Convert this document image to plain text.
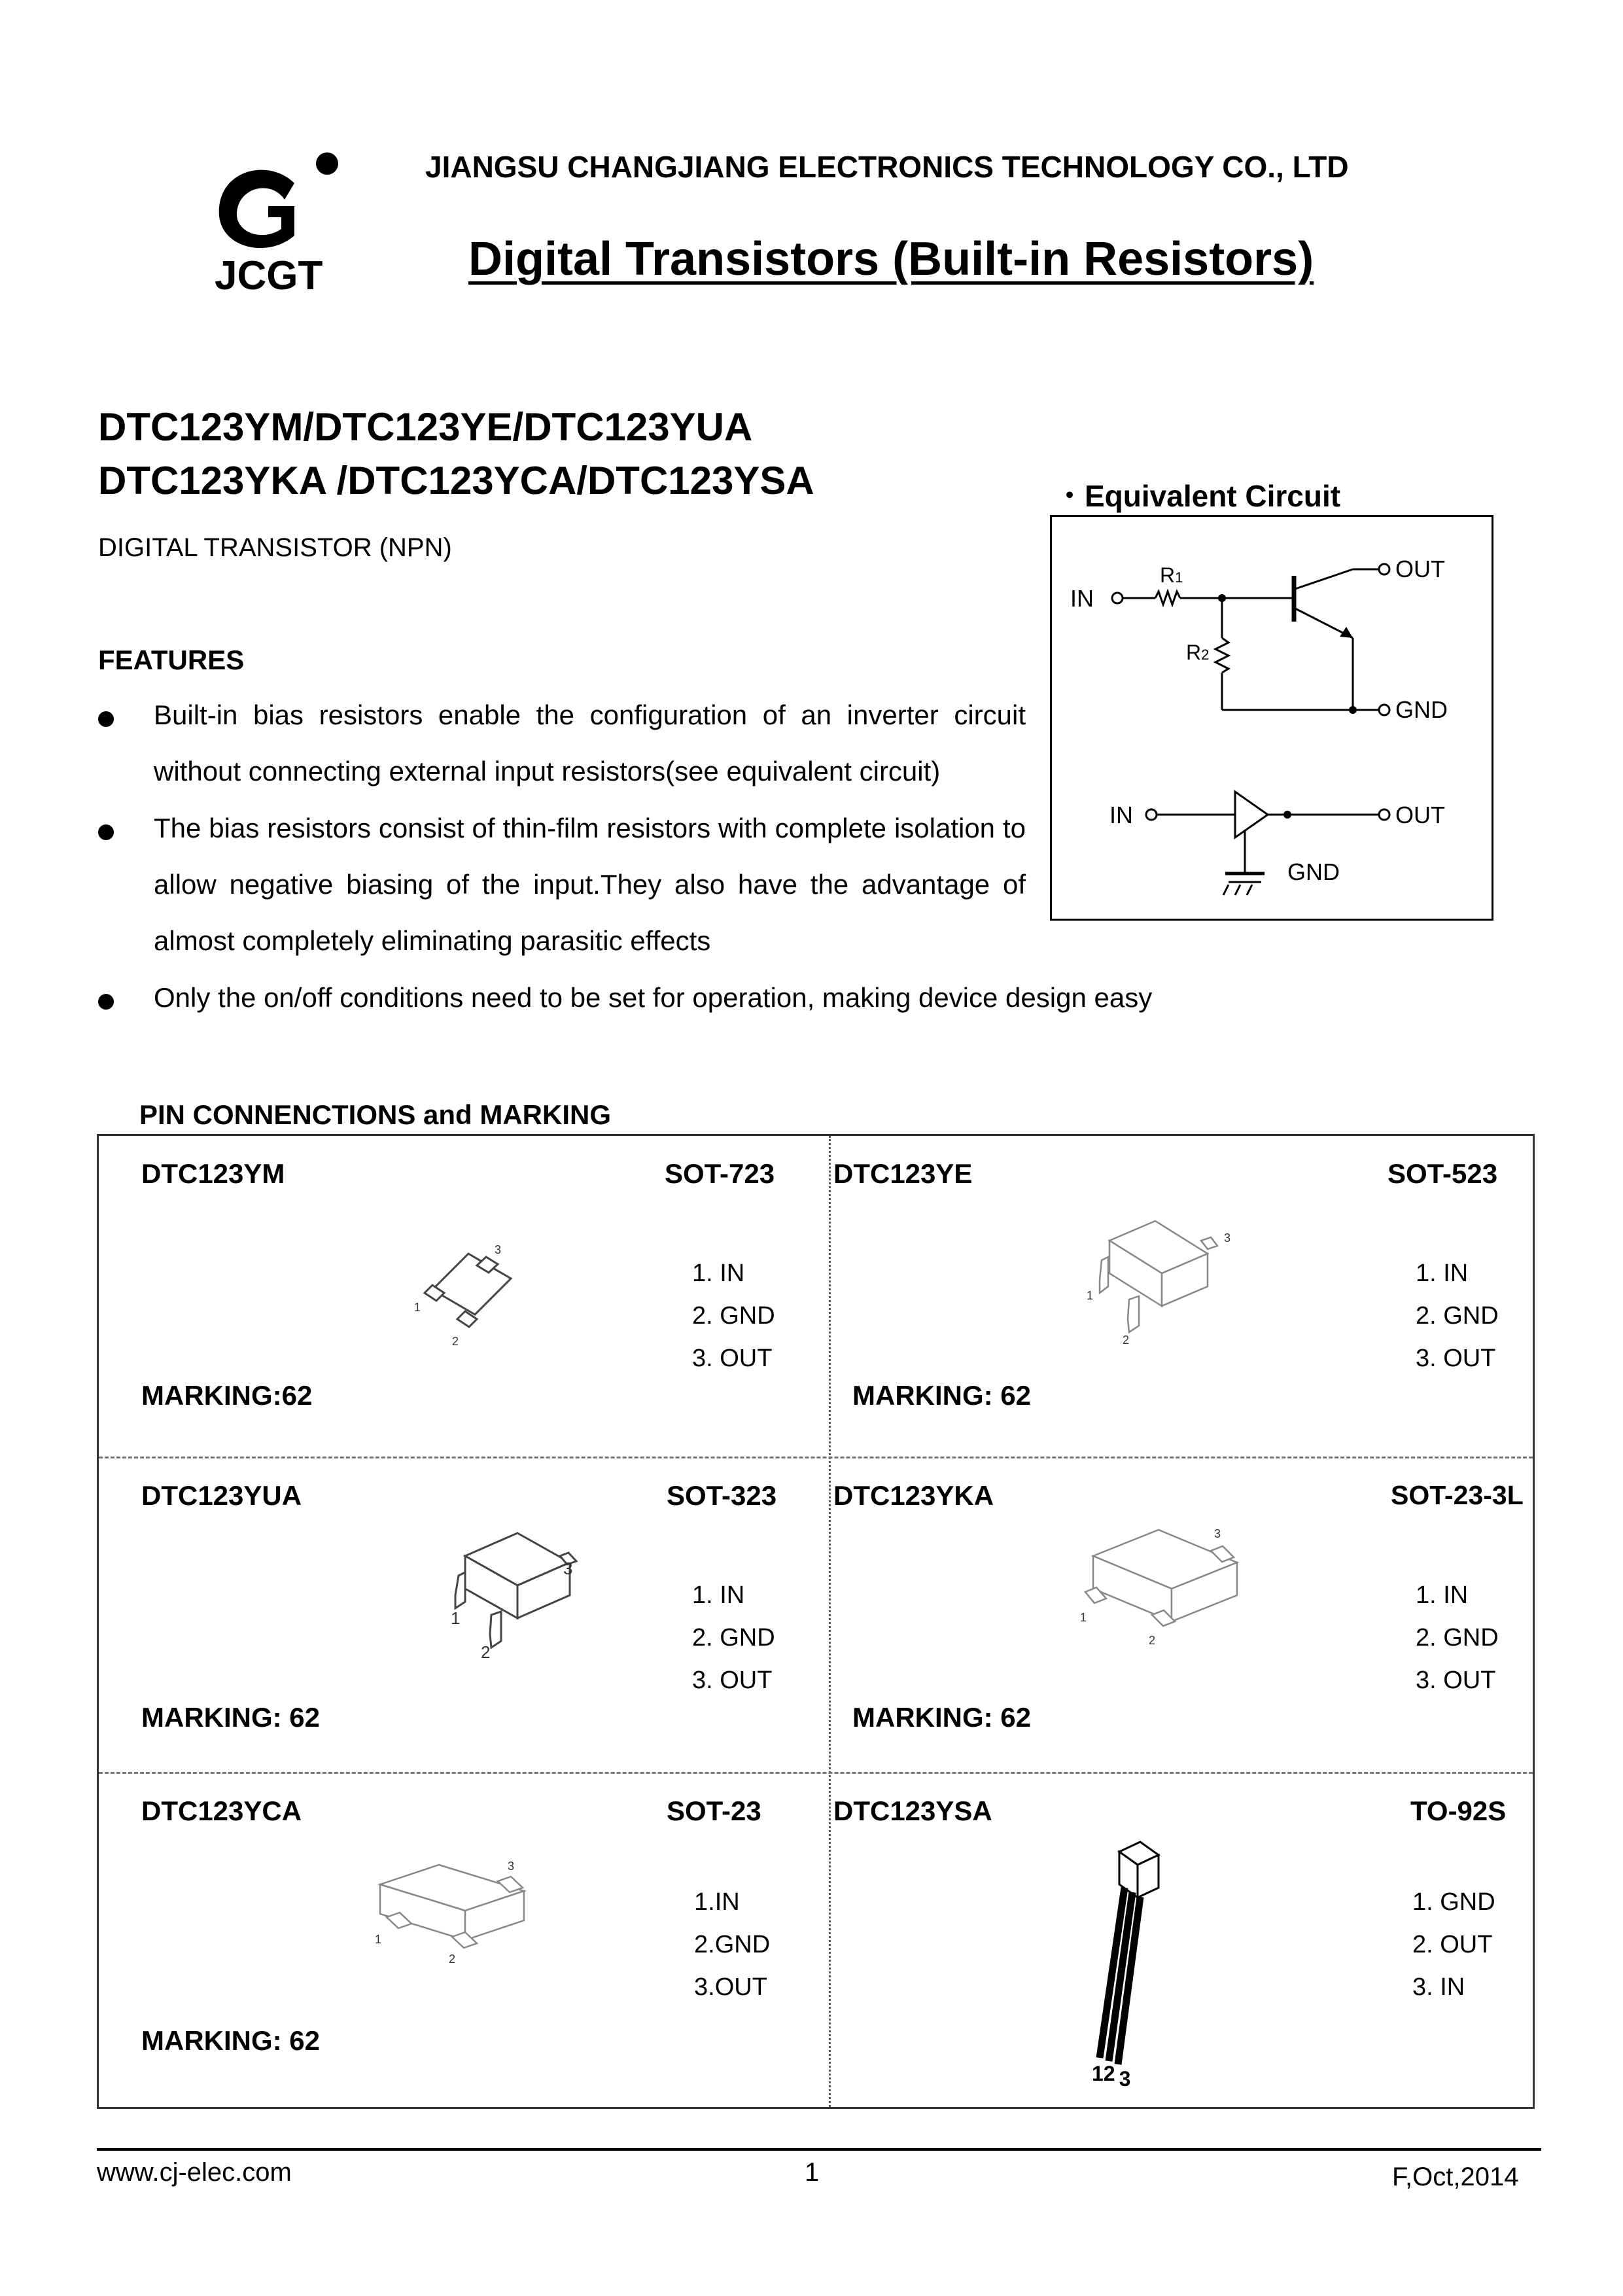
JCGT
JIANGSU CHANGJIANG ELECTRONICS TECHNOLOGY CO., LTD
Digital Transistors (Built-in Resistors)
DTC123YM/DTC123YE/DTC123YUA
DTC123YKA /DTC123YCA/DTC123YSA
DIGITAL TRANSISTOR (NPN)
・Equivalent Circuit
IN
OUT
GND
R1
R2
IN	OUT
GND
FEATURES
Built-in bias resistors enable the configuration of an inverter circuit without connecting external input resistors(see equivalent circuit)
The bias resistors consist of thin-film resistors with complete isolation to allow negative biasing of the input.They also have the advantage of almost completely eliminating parasitic effects
Only the on/off conditions need to be set for operation, making device design easy
PIN CONNENCTIONS and MARKING
DTC123YM	SOT-723
3
1
2
1. IN
2. GND
3. OUT
MARKING:62
DTC123YE	SOT-523
3
1
2
1. IN
2. GND
3. OUT
MARKING: 62
DTC123YUA	SOT-323
3
1
2
1. IN
2. GND
3. OUT
MARKING: 62
DTC123YKA	SOT-23-3L
3
1
2
1. IN
2. GND
3. OUT
MARKING: 62
DTC123YCA	SOT-23
3
1
2
1.IN
2.GND
3.OUT
MARKING: 62
DTC123YSA	TO-92S
12 3
1. GND
2. OUT
3. IN
www.cj-elec.com	1	F,Oct,2014
